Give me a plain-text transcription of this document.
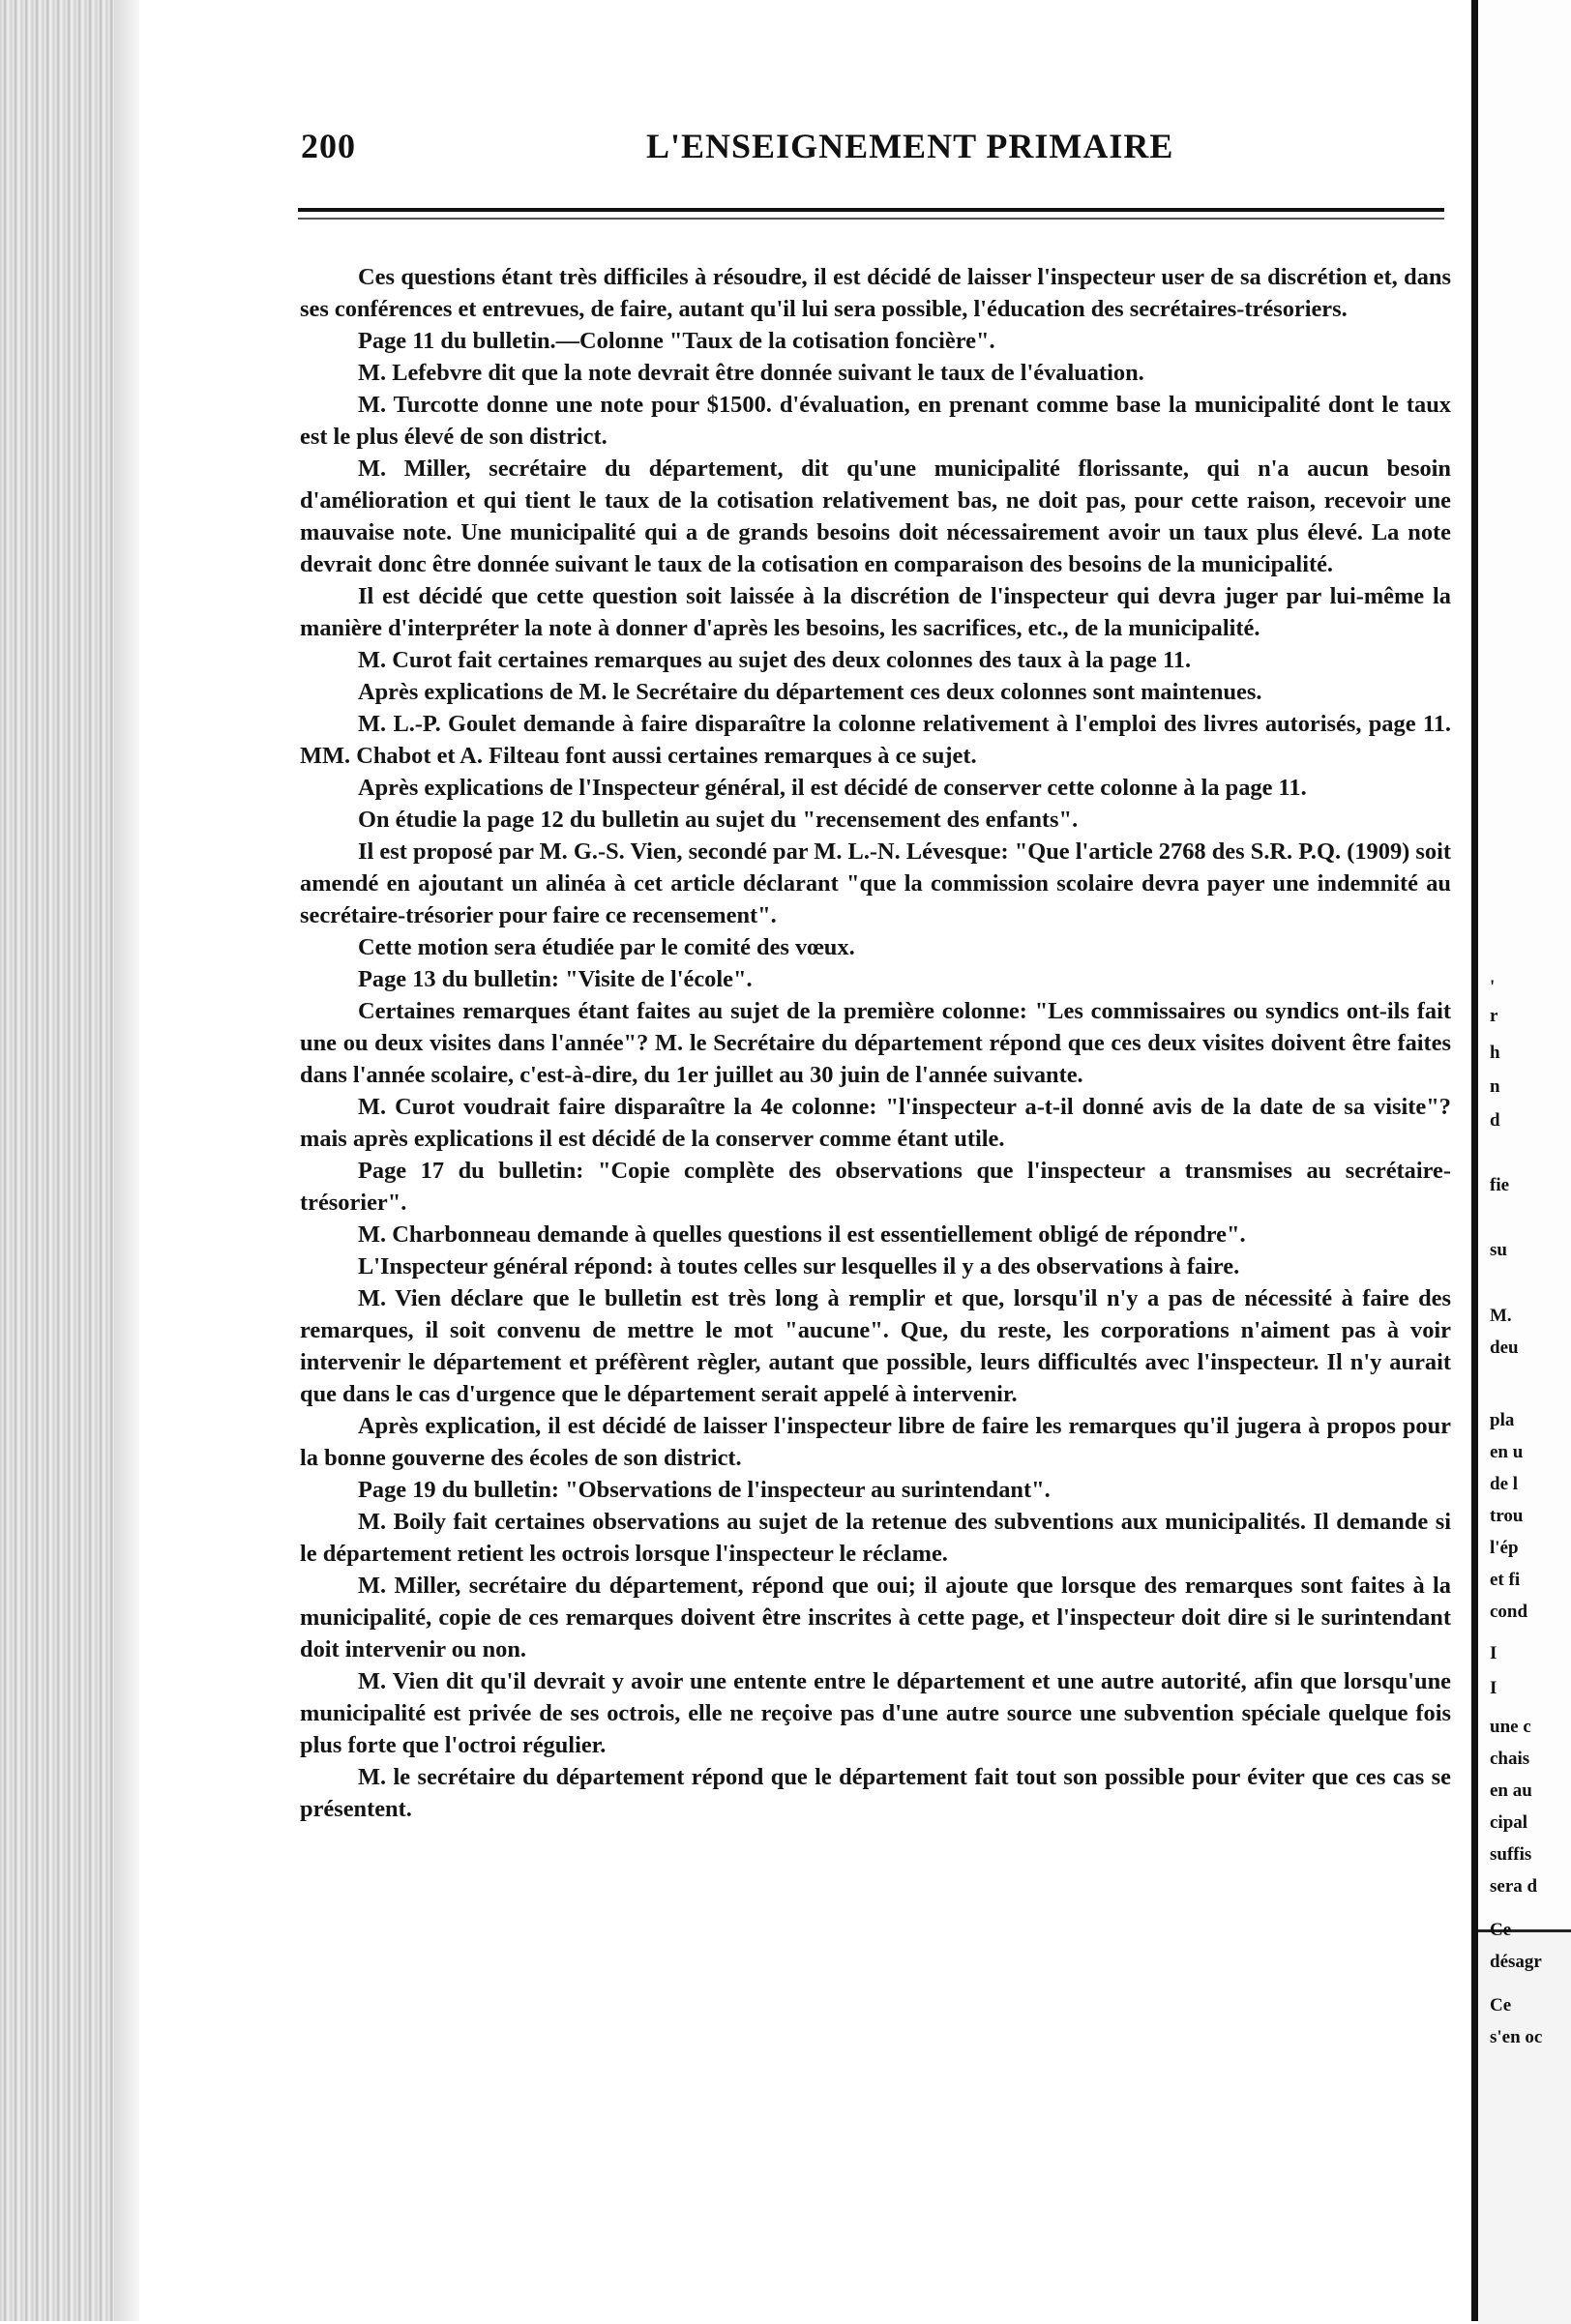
200	L'ENSEIGNEMENT PRIMAIRE

Ces questions étant très difficiles à résoudre, il est décidé de laisser l'inspecteur user de sa discrétion et, dans ses conférences et entrevues, de faire, autant qu'il lui sera possible, l'éducation des secrétaires-trésoriers.

Page 11 du bulletin.—Colonne "Taux de la cotisation foncière".

M. Lefebvre dit que la note devrait être donnée suivant le taux de l'évaluation.

M. Turcotte donne une note pour $1500. d'évaluation, en prenant comme base la municipalité dont le taux est le plus élevé de son district.

M. Miller, secrétaire du département, dit qu'une municipalité florissante, qui n'a aucun besoin d'amélioration et qui tient le taux de la cotisation relativement bas, ne doit pas, pour cette raison, recevoir une mauvaise note. Une municipalité qui a de grands besoins doit nécessairement avoir un taux plus élevé. La note devrait donc être donnée suivant le taux de la cotisation en comparaison des besoins de la municipalité.

Il est décidé que cette question soit laissée à la discrétion de l'inspecteur qui devra juger par lui-même la manière d'interpréter la note à donner d'après les besoins, les sacrifices, etc., de la municipalité.

M. Curot fait certaines remarques au sujet des deux colonnes des taux à la page 11.

Après explications de M. le Secrétaire du département ces deux colonnes sont maintenues.

M. L.-P. Goulet demande à faire disparaître la colonne relativement à l'emploi des livres autorisés, page 11. MM. Chabot et A. Filteau font aussi certaines remarques à ce sujet.

Après explications de l'Inspecteur général, il est décidé de conserver cette colonne à la page 11.

On étudie la page 12 du bulletin au sujet du "recensement des enfants".

Il est proposé par M. G.-S. Vien, secondé par M. L.-N. Lévesque: "Que l'article 2768 des S.R. P.Q. (1909) soit amendé en ajoutant un alinéa à cet article déclarant "que la commission scolaire devra payer une indemnité au secrétaire-trésorier pour faire ce recensement".

Cette motion sera étudiée par le comité des vœux.

Page 13 du bulletin: "Visite de l'école".

Certaines remarques étant faites au sujet de la première colonne: "Les commissaires ou syndics ont-ils fait une ou deux visites dans l'année"? M. le Secrétaire du département répond que ces deux visites doivent être faites dans l'année scolaire, c'est-à-dire, du 1er juillet au 30 juin de l'année suivante.

M. Curot voudrait faire disparaître la 4e colonne: "l'inspecteur a-t-il donné avis de la date de sa visite"? mais après explications il est décidé de la conserver comme étant utile.

Page 17 du bulletin: "Copie complète des observations que l'inspecteur a transmises au secrétaire-trésorier".

M. Charbonneau demande à quelles questions il est essentiellement obligé de répondre".

L'Inspecteur général répond: à toutes celles sur lesquelles il y a des observations à faire.

M. Vien déclare que le bulletin est très long à remplir et que, lorsqu'il n'y a pas de nécessité à faire des remarques, il soit convenu de mettre le mot "aucune". Que, du reste, les corporations n'aiment pas à voir intervenir le département et préfèrent règler, autant que possible, leurs difficultés avec l'inspecteur. Il n'y aurait que dans le cas d'urgence que le département serait appelé à intervenir.

Après explication, il est décidé de laisser l'inspecteur libre de faire les remarques qu'il jugera à propos pour la bonne gouverne des écoles de son district.

Page 19 du bulletin: "Observations de l'inspecteur au surintendant".

M. Boily fait certaines observations au sujet de la retenue des subventions aux municipalités. Il demande si le département retient les octrois lorsque l'inspecteur le réclame.

M. Miller, secrétaire du département, répond que oui; il ajoute que lorsque des remarques sont faites à la municipalité, copie de ces remarques doivent être inscrites à cette page, et l'inspecteur doit dire si le surintendant doit intervenir ou non.

M. Vien dit qu'il devrait y avoir une entente entre le département et une autre autorité, afin que lorsqu'une municipalité est privée de ses octrois, elle ne reçoive pas d'une autre source une subvention spéciale quelque fois plus forte que l'octroi régulier.

M. le secrétaire du département répond que le département fait tout son possible pour éviter que ces cas se présentent.

'
r
h
n
d
fie
su
M.
deu
pla
en u
de l
trou
l'ép
et fi
cond
I
I
une c
chais
en au
cipal
suffis
sera d
Ce
désagr
Ce
s'en oc
